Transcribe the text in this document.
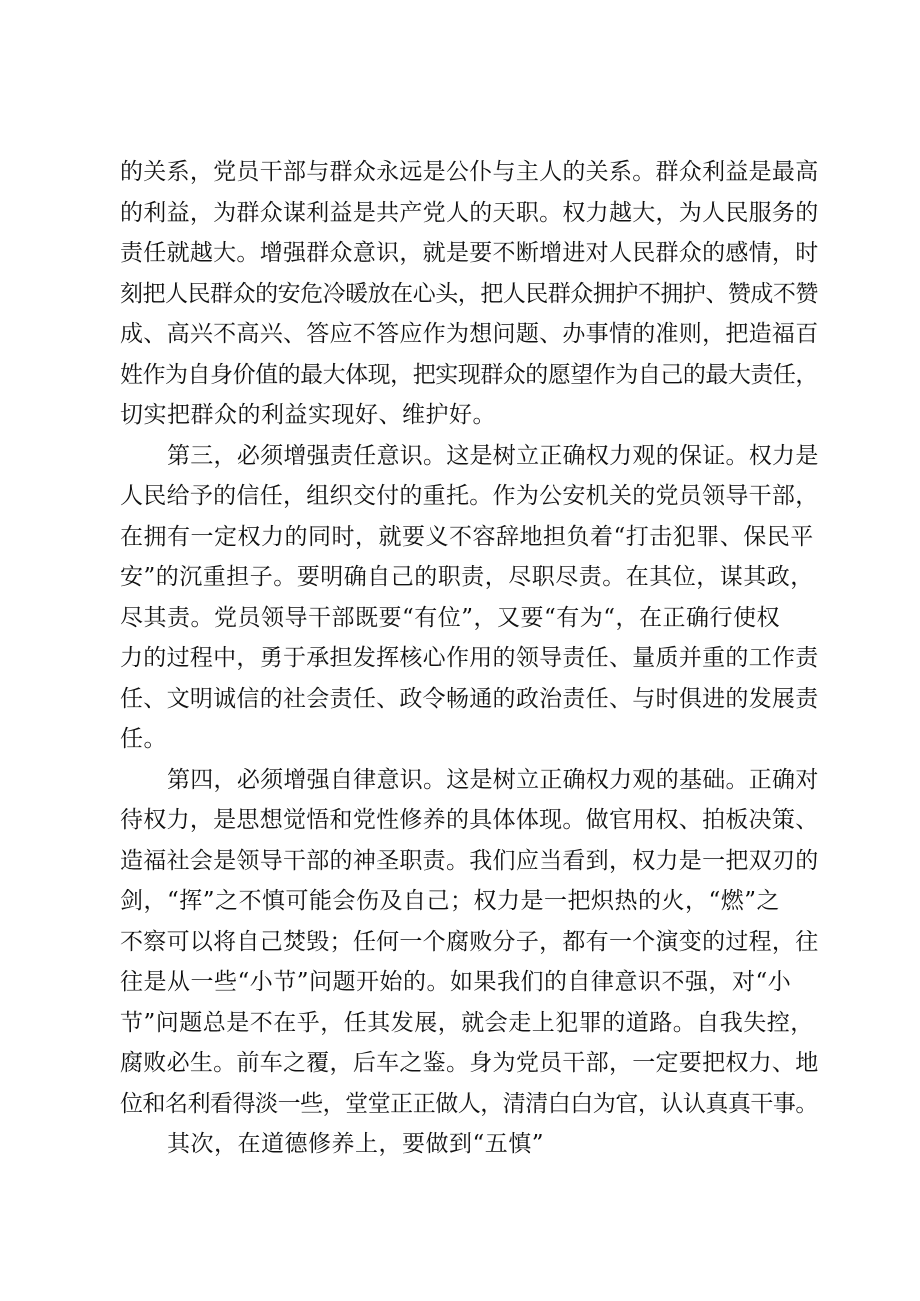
的关系，党员干部与群众永远是公仆与主人的关系。群众利益是最高
的利益，为群众谋利益是共产党人的天职。权力越大，为人民服务的
责任就越大。增强群众意识，就是要不断增进对人民群众的感情，时
刻把人民群众的安危冷暖放在心头，把人民群众拥护不拥护、赞成不赞
成、高兴不高兴、答应不答应作为想问题、办事情的准则，把造福百
姓作为自身价值的最大体现，把实现群众的愿望作为自己的最大责任，
切实把群众的利益实现好、维护好。
第三，必须增强责任意识。这是树立正确权力观的保证。权力是
人民给予的信任，组织交付的重托。作为公安机关的党员领导干部，
在拥有一定权力的同时，就要义不容辞地担负着“打击犯罪、保民平
安”的沉重担子。要明确自己的职责，尽职尽责。在其位，谋其政，
尽其责。党员领导干部既要“有位”，又要“有为“，在正确行使权
力的过程中，勇于承担发挥核心作用的领导责任、量质并重的工作责
任、文明诚信的社会责任、政令畅通的政治责任、与时俱进的发展责
任。
第四，必须增强自律意识。这是树立正确权力观的基础。正确对
待权力，是思想觉悟和党性修养的具体体现。做官用权、拍板决策、
造福社会是领导干部的神圣职责。我们应当看到，权力是一把双刃的
剑，“挥”之不慎可能会伤及自己；权力是一把炽热的火，“燃”之
不察可以将自己焚毁；任何一个腐败分子，都有一个演变的过程，往
往是从一些“小节”问题开始的。如果我们的自律意识不强，对“小
节”问题总是不在乎，任其发展，就会走上犯罪的道路。自我失控，
腐败必生。前车之覆，后车之鉴。身为党员干部，一定要把权力、地
位和名利看得淡一些，堂堂正正做人，清清白白为官，认认真真干事。
其次，在道德修养上，要做到“五慎”
